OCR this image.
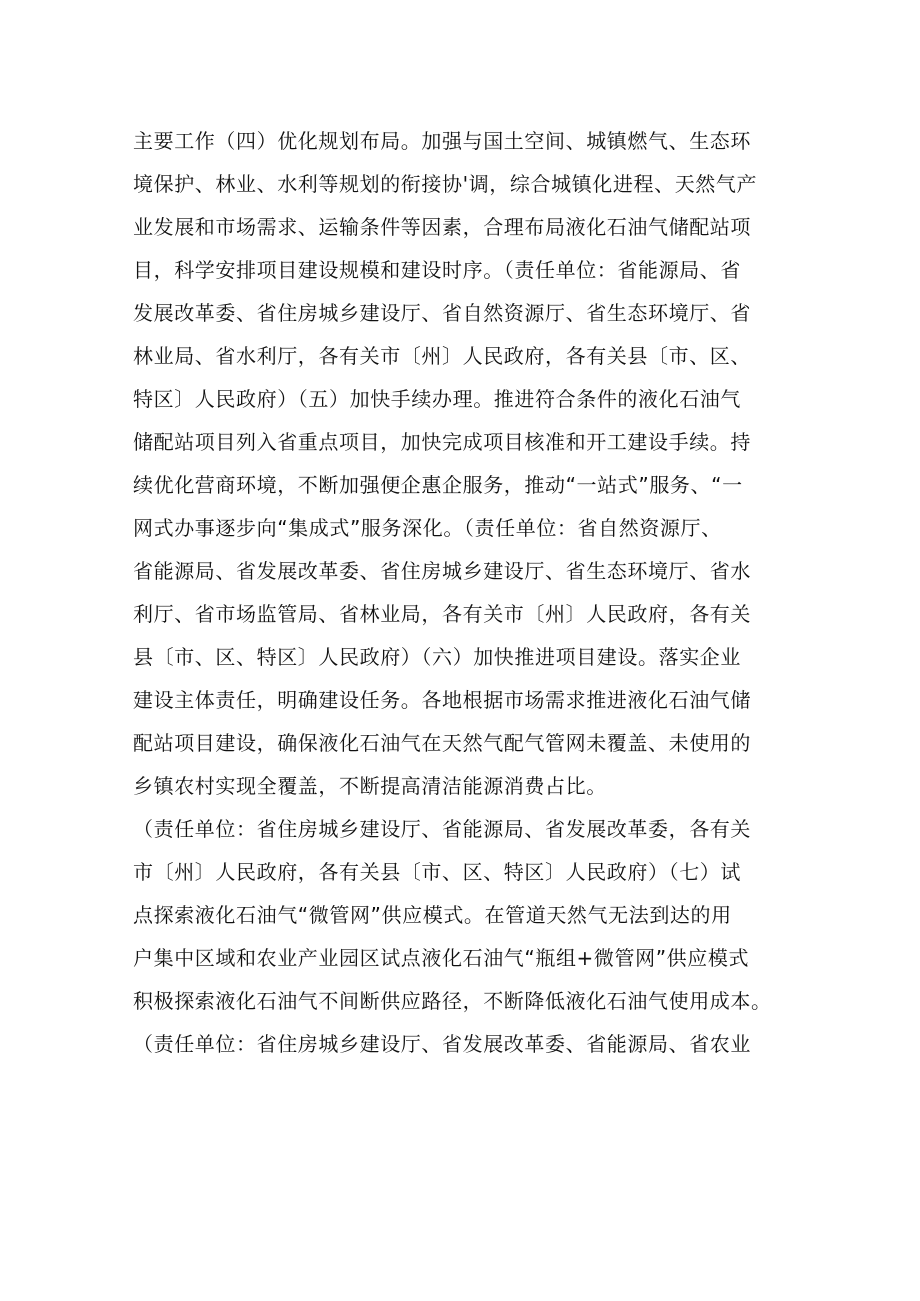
主要工作（四）优化规划布局。加强与国土空间、城镇燃气、生态环
境保护、林业、水利等规划的衔接协'调，综合城镇化进程、天然气产
业发展和市场需求、运输条件等因素，合理布局液化石油气储配站项
目，科学安排项目建设规模和建设时序。（责任单位：省能源局、省
发展改革委、省住房城乡建设厅、省自然资源厅、省生态环境厅、省
林业局、省水利厅，各有关市〔州〕人民政府，各有关县〔市、区、
特区〕人民政府）（五）加快手续办理。推进符合条件的液化石油气
储配站项目列入省重点项目，加快完成项目核准和开工建设手续。持
续优化营商环境，不断加强便企惠企服务，推动“一站式”服务、“一
网式办事逐步向“集成式”服务深化。（责任单位：省自然资源厅、
省能源局、省发展改革委、省住房城乡建设厅、省生态环境厅、省水
利厅、省市场监管局、省林业局，各有关市〔州〕人民政府，各有关
县〔市、区、特区〕人民政府）（六）加快推进项目建设。落实企业
建设主体责任，明确建设任务。各地根据市场需求推进液化石油气储
配站项目建设，确保液化石油气在天然气配气管网未覆盖、未使用的
乡镇农村实现全覆盖，不断提高清洁能源消费占比。
（责任单位：省住房城乡建设厅、省能源局、省发展改革委，各有关
市〔州〕人民政府，各有关县〔市、区、特区〕人民政府）（七）试
点探索液化石油气“微管网”供应模式。在管道天然气无法到达的用
户集中区域和农业产业园区试点液化石油气“瓶组+微管网”供应模式
积极探索液化石油气不间断供应路径，不断降低液化石油气使用成本。
（责任单位：省住房城乡建设厅、省发展改革委、省能源局、省农业
